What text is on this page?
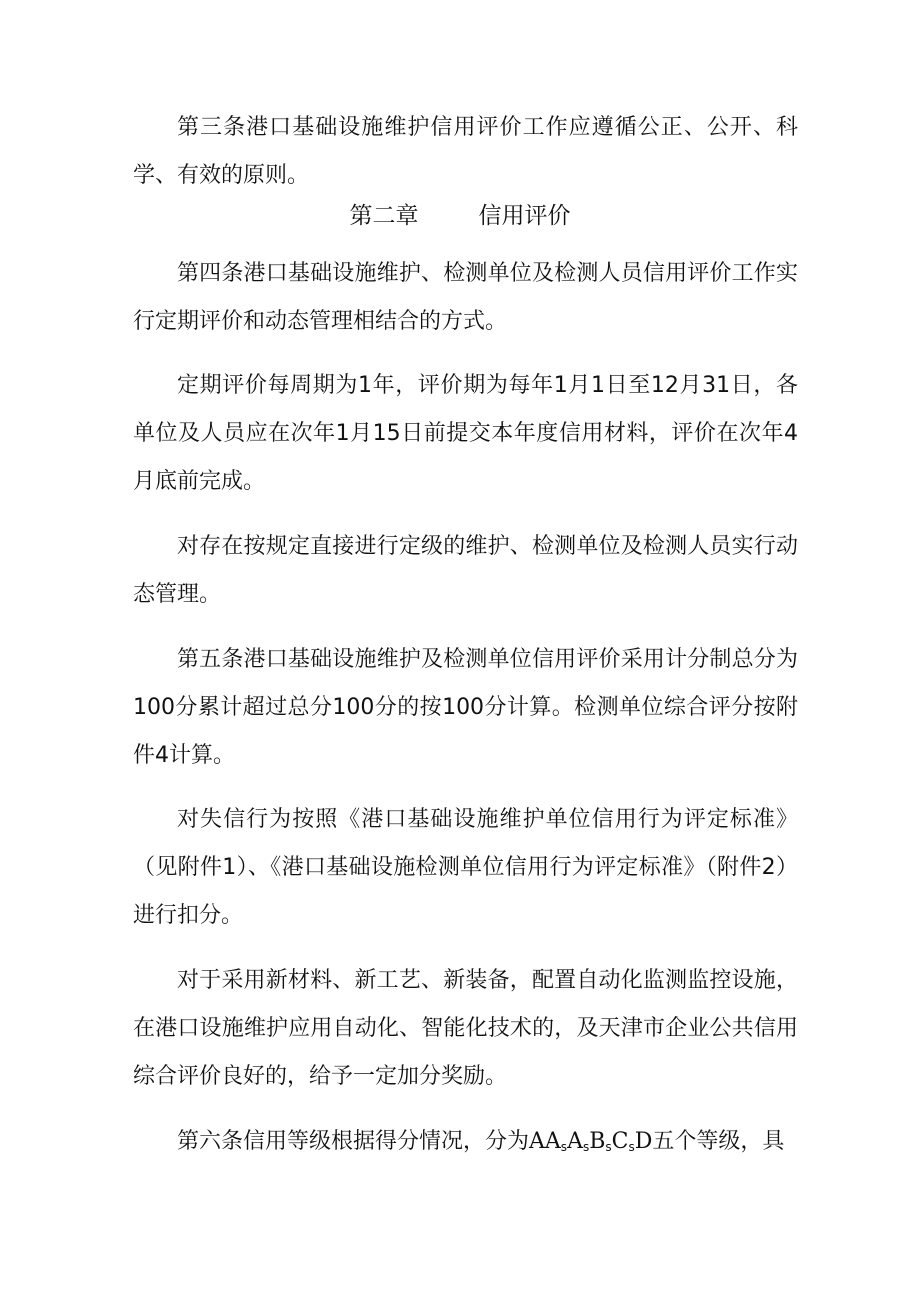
第三条港口基础设施维护信用评价工作应遵循公正、公开、科学、有效的原则。

第二章	信用评价

第四条港口基础设施维护、检测单位及检测人员信用评价工作实行定期评价和动态管理相结合的方式。

定期评价每周期为1年，评价期为每年1月1日至12月31日，各单位及人员应在次年1月15日前提交本年度信用材料，评价在次年4月底前完成。

对存在按规定直接进行定级的维护、检测单位及检测人员实行动态管理。

第五条港口基础设施维护及检测单位信用评价采用计分制总分为100分累计超过总分100分的按100分计算。检测单位综合评分按附件4计算。

对失信行为按照《港口基础设施维护单位信用行为评定标准》（见附件1）、《港口基础设施检测单位信用行为评定标准》（附件2）进行扣分。

对于采用新材料、新工艺、新装备，配置自动化监测监控设施，在港口设施维护应用自动化、智能化技术的，及天津市企业公共信用综合评价良好的，给予一定加分奖励。

第六条信用等级根据得分情况，分为$AA_sA_sB_sC_sD$五个等级，具
